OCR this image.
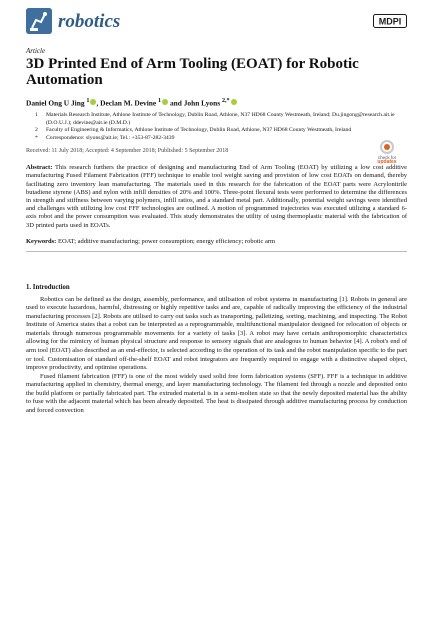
robotics	MDPI
Article
3D Printed End of Arm Tooling (EOAT) for Robotic Automation
Daniel Ong U Jing $^1$ , Declan M. Devine $^1$ and John Lyons $^{2,*}$
1 Materials Research Institute, Athlone Institute of Technology, Dublin Road, Athlone, N37 HD68 County Westmeath, Ireland; Du.jingong@research.ait.ie (D.O.U.J.); ddevine@ait.ie (D.M.D.)
2 Faculty of Engineering & Informatics, Athlone Institute of Technology, Dublin Road, Athlone, N37 HD68 County Westmeath, Ireland
* Correspondence: slyons@ait.ie; Tel.: +353-87-282-3439
check for
updates
Received: 11 July 2018; Accepted: 4 September 2018; Published: 5 September 2018
Abstract: This research furthers the practice of designing and manufacturing End of Arm Tooling (EOAT) by utilizing a low cost additive manufacturing Fused Filament Fabrication (FFF) technique to enable tool weight saving and provision of low cost EOATs on demand, thereby facilitating zero inventory lean manufacturing. The materials used in this research for the fabrication of the EOAT parts were Acrylonitrile butadiene styrene (ABS) and nylon with infill densities of 20% and 100%. Three-point flexural tests were performed to determine the differences in strength and stiffness between varying polymers, infill ratios, and a standard metal part. Additionally, potential weight savings were identified and challenges with utilizing low cost FFF technologies are outlined. A motion of programmed trajectories was executed utilizing a standard 6-axis robot and the power consumption was evaluated. This study demonstrates the utility of using thermoplastic material with the fabrication of 3D printed parts used in EOATs.
Keywords: EOAT; additive manufacturing; power consumption; energy efficiency; robotic arm
1. Introduction

Robotics can be defined as the design, assembly, performance, and utilisation of robot systems in manufacturing [1]. Robots in general are used to execute hazardous, harmful, distressing or highly repetitive tasks and are, capable of radically improving the efficiency of the industrial manufacturing processes [2]. Robots are utilised to carry out tasks such as transporting, palletizing, sorting, machining, and inspecting. The Robot Institute of America states that a robot can be interpreted as a reprogrammable, multifunctional manipulator designed for relocation of objects or materials through numerous programmable movements for a variety of tasks [3]. A robot may have certain anthropomorphic characteristics allowing for the mimicry of human physical structure and response to sensory signals that are analogous to human behavior [4]. A robot's end of arm tool (EOAT) also described as an end-effector, is selected according to the operation of its task and the robot manipulation specific to the part or tool. Customisation of standard off-the-shelf EOAT and robot integrators are frequently required to engage with a distinctive shaped object, improve productivity, and optimise operations.

Fused filament fabrication (FFF) is one of the most widely used solid free form fabrication systems (SFF). FFF is a technique in additive manufacturing applied in chemistry, thermal energy, and layer manufacturing technology. The filament fed through a nozzle and deposited onto the build platform or partially fabricated part. The extruded material is in a semi-molten state so that the newly deposited material has the ability to fuse with the adjacent material which has been already deposited. The heat is dissipated through additive manufacturing process by conduction and forced convection
